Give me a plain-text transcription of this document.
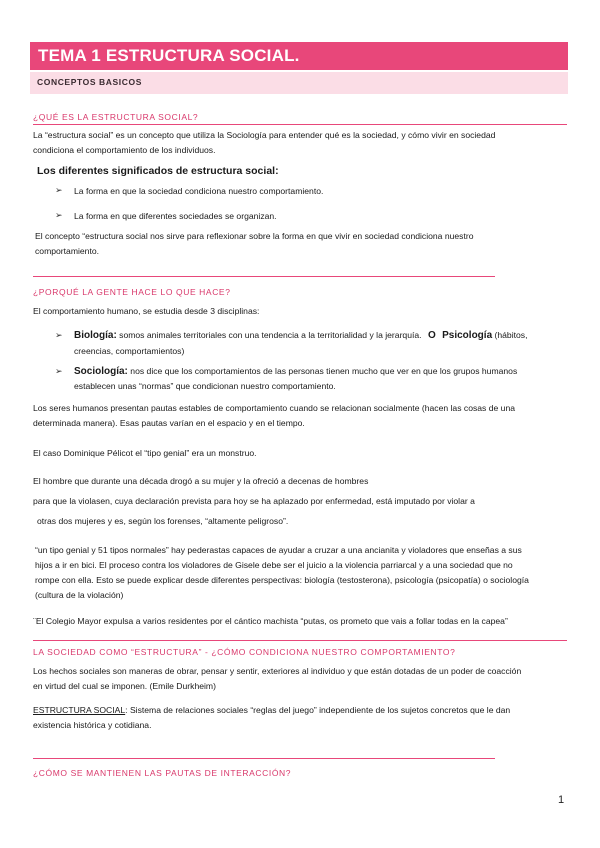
TEMA 1 ESTRUCTURA SOCIAL.
CONCEPTOS BASICOS
¿QUÉ ES LA ESTRUCTURA SOCIAL?
La “estructura social” es un concepto que utiliza la Sociología para entender qué es la sociedad, y cómo vivir en sociedad
condiciona el comportamiento de los individuos.
Los diferentes significados de estructura social:
➢ La forma en que la sociedad condiciona nuestro comportamiento.
➢ La forma en que diferentes sociedades se organizan.
El concepto “estructura social nos sirve para reflexionar sobre la forma en que vivir en sociedad condiciona nuestro
comportamiento.
¿PORQUÉ LA GENTE HACE LO QUE HACE?
El comportamiento humano, se estudia desde 3 disciplinas:
➢ Biología: somos animales territoriales con una tendencia a la territorialidad y la jerarquía. O Psicología (hábitos,
creencias, comportamientos)
➢ Sociología: nos dice que los comportamientos de las personas tienen mucho que ver en que los grupos humanos
establecen unas “normas” que condicionan nuestro comportamiento.
Los seres humanos presentan pautas estables de comportamiento cuando se relacionan socialmente (hacen las cosas de una
determinada manera). Esas pautas varían en el espacio y en el tiempo.
El caso Dominique Pélicot el “tipo genial” era un monstruo.
El hombre que durante una década drogó a su mujer y la ofreció a decenas de hombres
para que la violasen, cuya declaración prevista para hoy se ha aplazado por enfermedad, está imputado por violar a
otras dos mujeres y es, según los forenses, “altamente peligroso”.
“un tipo genial y 51 tipos normales” hay pederastas capaces de ayudar a cruzar a una ancianita y violadores que enseñas a sus
hijos a ir en bici. El proceso contra los violadores de Gisele debe ser el juicio a la violencia parriarcal y a una sociedad que no
rompe con ella. Esto se puede explicar desde diferentes perspectivas: biología (testosterona), psicología (psicopatía) o sociología
(cultura de la violación)
¨El Colegio Mayor expulsa a varios residentes por el cántico machista “putas, os prometo que vais a follar todas en la capea”
LA SOCIEDAD COMO “ESTRUCTURA” - ¿CÓMO CONDICIONA NUESTRO COMPORTAMIENTO?
Los hechos sociales son maneras de obrar, pensar y sentir, exteriores al individuo y que están dotadas de un poder de coacción
en virtud del cual se imponen. (Emile Durkheim)
ESTRUCTURA SOCIAL: Sistema de relaciones sociales “reglas del juego” independiente de los sujetos concretos que le dan
existencia histórica y cotidiana.
¿CÓMO SE MANTIENEN LAS PAUTAS DE INTERACCIÓN?
1
